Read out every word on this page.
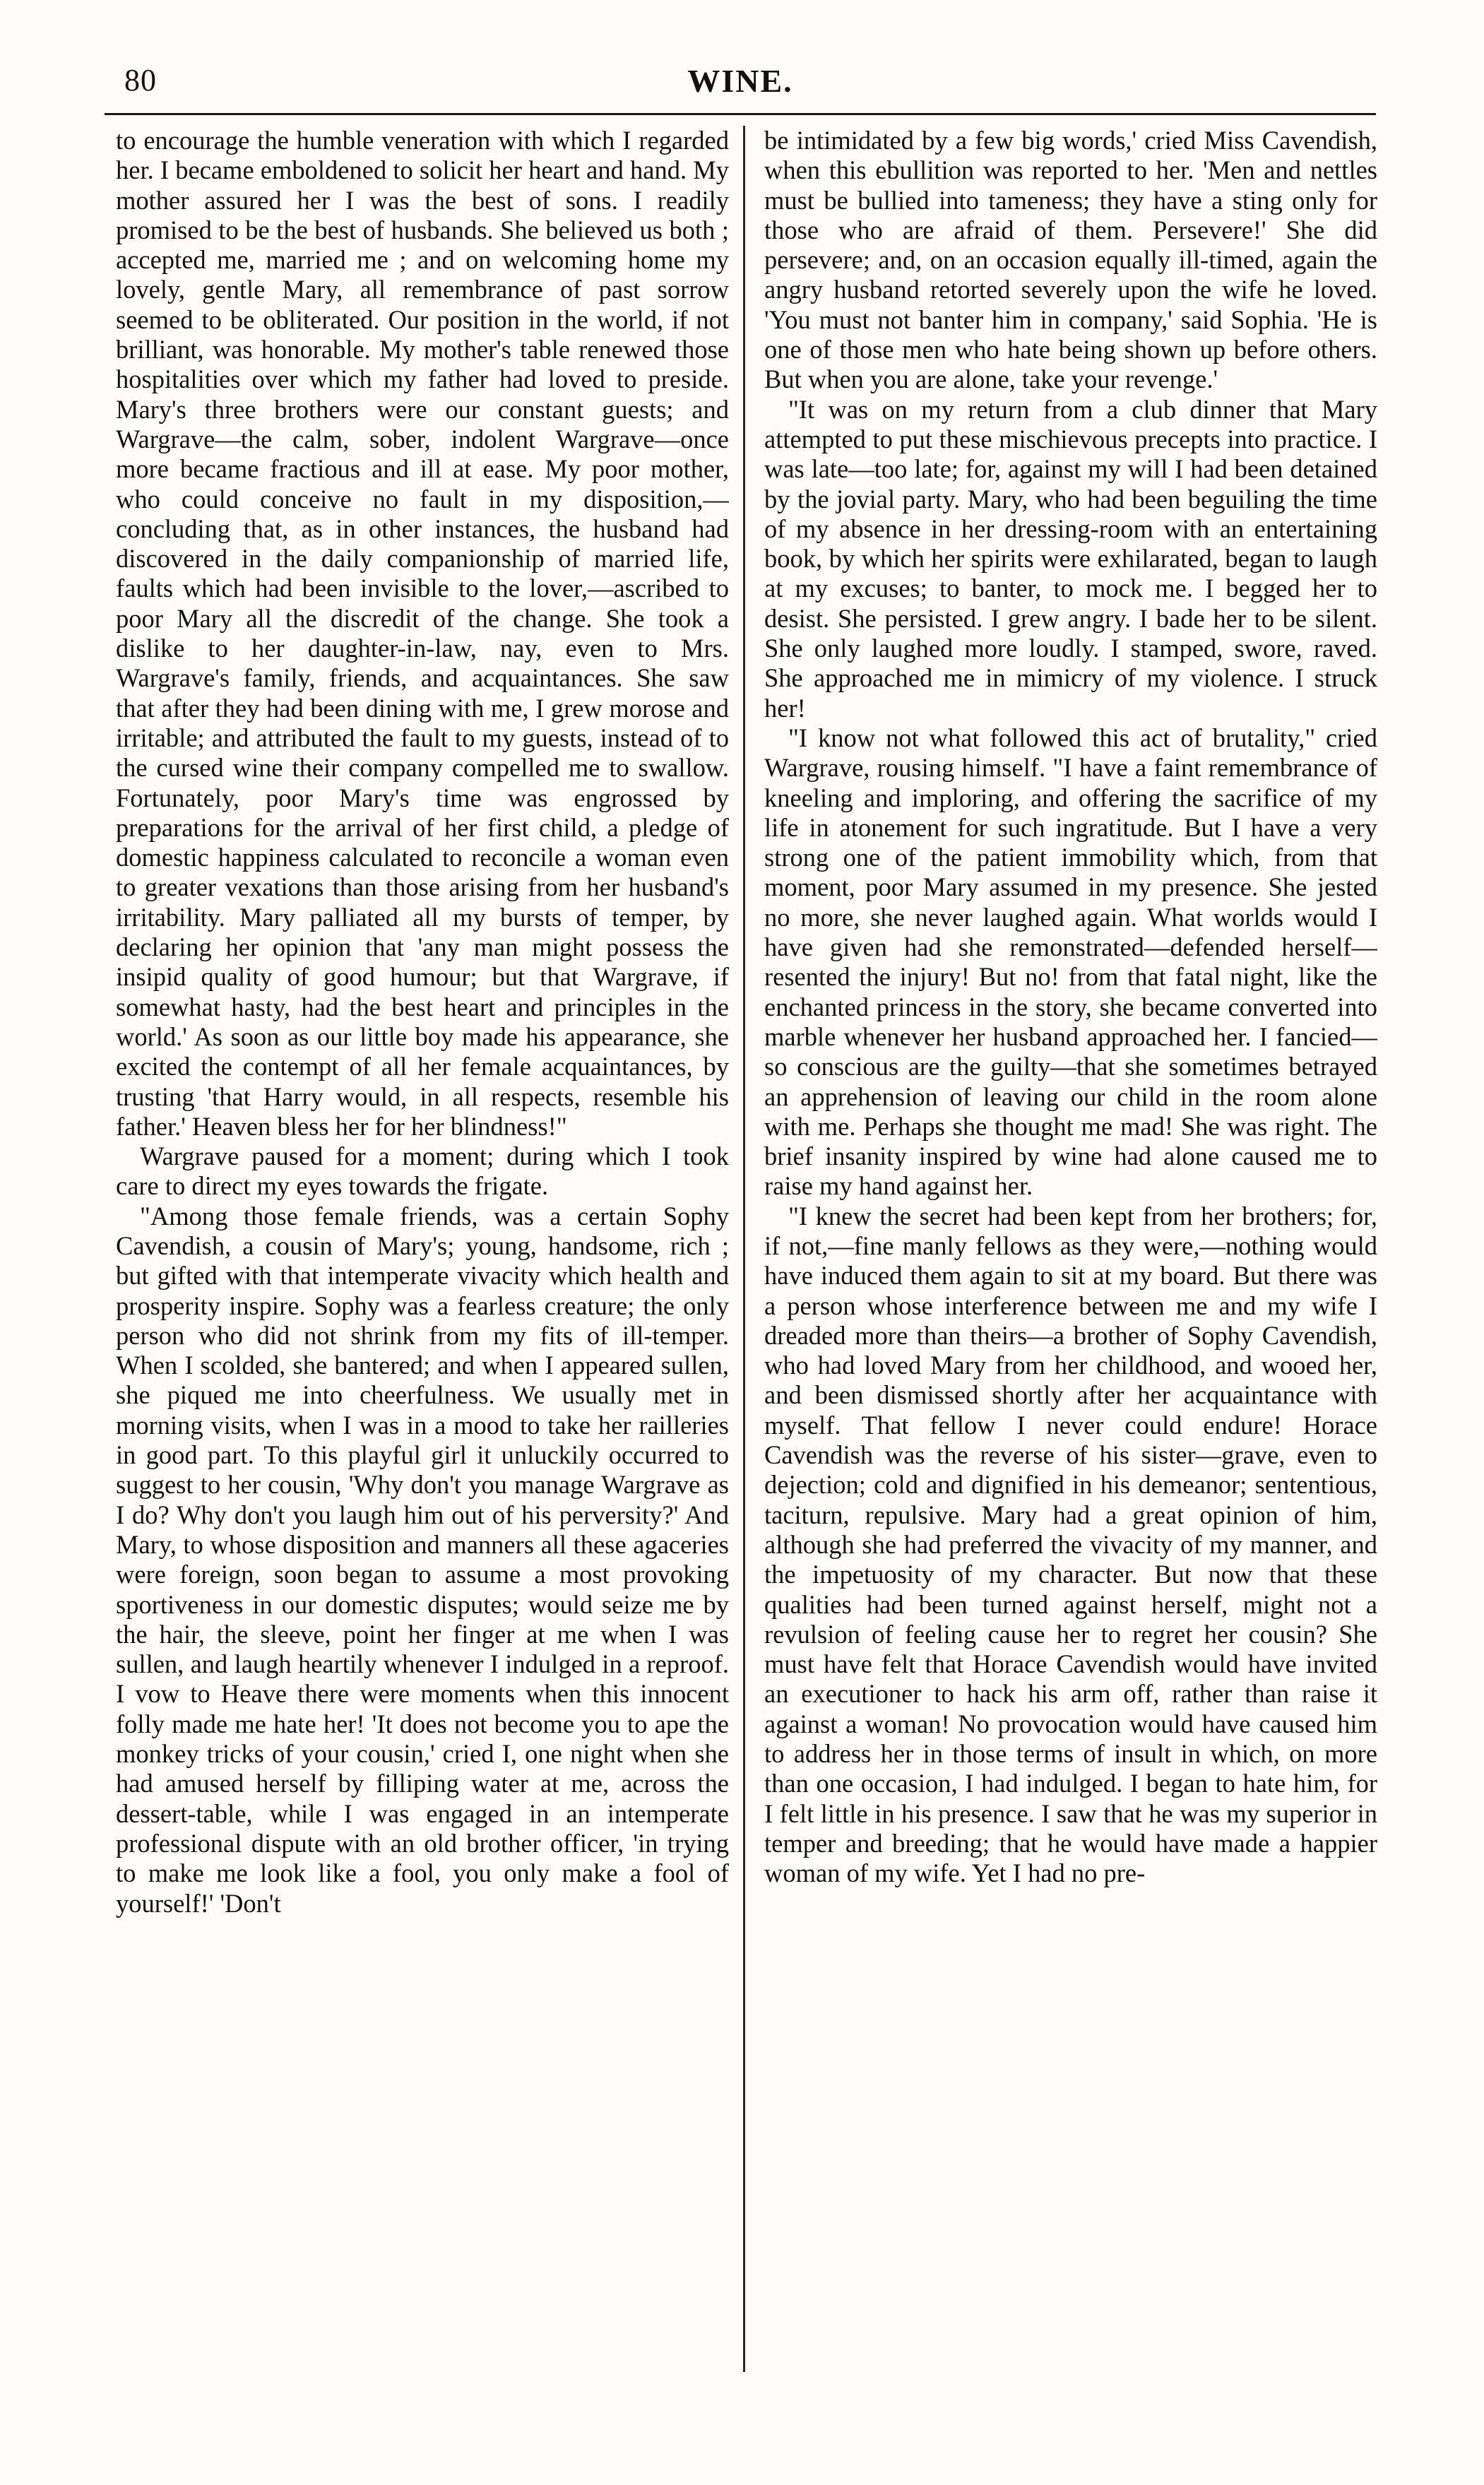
80	WINE.

to encourage the humble veneration with which I regarded her. I became emboldened to solicit her heart and hand. My mother assured her I was the best of sons. I readily promised to be the best of husbands. She believed us both ; accepted me, married me ; and on welcoming home my lovely, gentle Mary, all remembrance of past sorrow seemed to be obliterated. Our position in the world, if not brilliant, was honorable. My mother's table renewed those hospitalities over which my father had loved to preside. Mary's three brothers were our constant guests; and Wargrave—the calm, sober, indolent Wargrave—once more became fractious and ill at ease. My poor mother, who could conceive no fault in my disposition,—concluding that, as in other instances, the husband had discovered in the daily companionship of married life, faults which had been invisible to the lover,—ascribed to poor Mary all the discredit of the change. She took a dislike to her daughter-in-law, nay, even to Mrs. Wargrave's family, friends, and acquaintances. She saw that after they had been dining with me, I grew morose and irritable; and attributed the fault to my guests, instead of to the cursed wine their company compelled me to swallow. Fortunately, poor Mary's time was engrossed by preparations for the arrival of her first child, a pledge of domestic happiness calculated to reconcile a woman even to greater vexations than those arising from her husband's irritability. Mary palliated all my bursts of temper, by declaring her opinion that 'any man might possess the insipid quality of good humour; but that Wargrave, if somewhat hasty, had the best heart and principles in the world.' As soon as our little boy made his appearance, she excited the contempt of all her female acquaintances, by trusting 'that Harry would, in all respects, resemble his father.' Heaven bless her for her blindness!"

Wargrave paused for a moment; during which I took care to direct my eyes towards the frigate.

"Among those female friends, was a certain Sophy Cavendish, a cousin of Mary's; young, handsome, rich ; but gifted with that intemperate vivacity which health and prosperity inspire. Sophy was a fearless creature; the only person who did not shrink from my fits of ill-temper. When I scolded, she bantered; and when I appeared sullen, she piqued me into cheerfulness. We usually met in morning visits, when I was in a mood to take her railleries in good part. To this playful girl it unluckily occurred to suggest to her cousin, 'Why don't you manage Wargrave as I do? Why don't you laugh him out of his perversity?' And Mary, to whose disposition and manners all these agaceries were foreign, soon began to assume a most provoking sportiveness in our domestic disputes; would seize me by the hair, the sleeve, point her finger at me when I was sullen, and laugh heartily whenever I indulged in a reproof. I vow to Heave there were moments when this innocent folly made me hate her! 'It does not become you to ape the monkey tricks of your cousin,' cried I, one night when she had amused herself by filliping water at me, across the dessert-table, while I was engaged in an intemperate professional dispute with an old brother officer, 'in trying to make me look like a fool, you only make a fool of yourself!' 'Don't

be intimidated by a few big words,' cried Miss Cavendish, when this ebullition was reported to her. 'Men and nettles must be bullied into tameness; they have a sting only for those who are afraid of them. Persevere!' She did persevere; and, on an occasion equally ill-timed, again the angry husband retorted severely upon the wife he loved. 'You must not banter him in company,' said Sophia. 'He is one of those men who hate being shown up before others. But when you are alone, take your revenge.'

"It was on my return from a club dinner that Mary attempted to put these mischievous precepts into practice. I was late—too late; for, against my will I had been detained by the jovial party. Mary, who had been beguiling the time of my absence in her dressing-room with an entertaining book, by which her spirits were exhilarated, began to laugh at my excuses; to banter, to mock me. I begged her to desist. She persisted. I grew angry. I bade her to be silent. She only laughed more loudly. I stamped, swore, raved. She approached me in mimicry of my violence. I struck her!

"I know not what followed this act of brutality," cried Wargrave, rousing himself. "I have a faint remembrance of kneeling and imploring, and offering the sacrifice of my life in atonement for such ingratitude. But I have a very strong one of the patient immobility which, from that moment, poor Mary assumed in my presence. She jested no more, she never laughed again. What worlds would I have given had she remonstrated—defended herself—resented the injury! But no! from that fatal night, like the enchanted princess in the story, she became converted into marble whenever her husband approached her. I fancied—so conscious are the guilty—that she sometimes betrayed an apprehension of leaving our child in the room alone with me. Perhaps she thought me mad! She was right. The brief insanity inspired by wine had alone caused me to raise my hand against her.

"I knew the secret had been kept from her brothers; for, if not,—fine manly fellows as they were,—nothing would have induced them again to sit at my board. But there was a person whose interference between me and my wife I dreaded more than theirs—a brother of Sophy Cavendish, who had loved Mary from her childhood, and wooed her, and been dismissed shortly after her acquaintance with myself. That fellow I never could endure! Horace Cavendish was the reverse of his sister—grave, even to dejection; cold and dignified in his demeanor; sententious, taciturn, repulsive. Mary had a great opinion of him, although she had preferred the vivacity of my manner, and the impetuosity of my character. But now that these qualities had been turned against herself, might not a revulsion of feeling cause her to regret her cousin? She must have felt that Horace Cavendish would have invited an executioner to hack his arm off, rather than raise it against a woman! No provocation would have caused him to address her in those terms of insult in which, on more than one occasion, I had indulged. I began to hate him, for I felt little in his presence. I saw that he was my superior in temper and breeding; that he would have made a happier woman of my wife. Yet I had no pre-
